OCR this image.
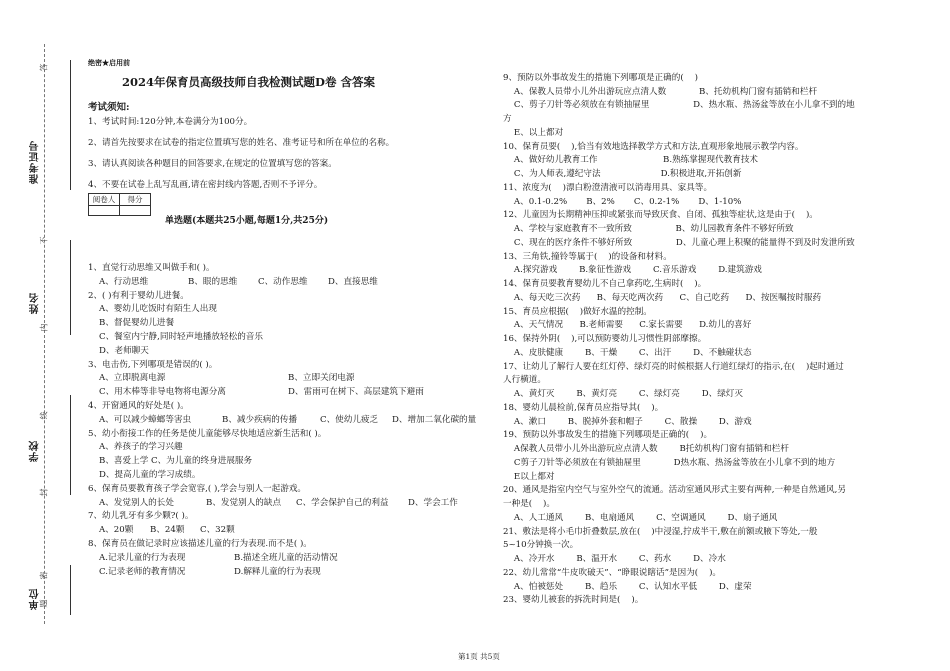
单位
学校
姓名
准考证号
密
封
线
内
不
答
题
绝密★启用前
2024年保育员高级技师自我检测试题D卷 含答案
考试须知:
1、考试时间:120分钟,本卷满分为100分。
2、请首先按要求在试卷的指定位置填写您的姓名、准考证号和所在单位的名称。
3、请认真阅读各种题目的回答要求,在规定的位置填写您的答案。
4、不要在试卷上乱写乱画,请在密封线内答题,否则不予评分。
阅卷人	得分

单选题(本题共25小题,每题1分,共25分)
1、直觉行动思维又叫做手和( )。
A、行动思维	B、眼的思维 C、动作思维 D、直接思维
2、( )有利于婴幼儿进餐。
A、婴幼儿吃饭时有陌生人出现
B、督促婴幼儿进餐
C、餐室内宁静,同时轻声地播放轻松的音乐
D、老师聊天
3、电击伤,下列哪项是错误的( )。
A、立即脱离电源	B、立即关闭电源
C、用木棒等非导电物将电源分离	D、雷雨可在树下、高层建筑下避雨
4、开窗通风的好处是( )。
A、可以减少蟑螂等害虫	B、减少疾病的传播	C、使幼儿疲乏 D、增加二氧化碳的量
5、幼小衔接工作的任务是使儿童能够尽快地适应新生活和( )。
A、养孩子的学习兴趣
B、喜爱上学 C、为儿童的终身进展服务
D、提高儿童的学习成绩。
6、保育员要教育孩子学会宽容,( ),学会与别人一起游戏。
A、发觉别人的长处	B、发觉别人的缺点 C、学会保护自己的利益 D、学会工作
7、幼儿乳牙有多少颗?( )。
A、20颗 B、24颗 C、32颗
8、保育员在做记录时应该描述儿童的行为表现.而不是( )。
A.记录儿童的行为表现	B.描述全班儿童的活动情况
C.记录老师的教育情况	D.解释儿童的行为表现

9、预防以外事故发生的措施下列哪项是正确的(    )
A、保教人员带小儿外出游玩应点清人数            B、托幼机构门窗有插销和栏杆
C、剪子刀针等必须放在有锁抽屉里                D、热水瓶、热汤盆等放在小儿拿不到的地
方
E、以上都对
10、保育员要(    ),恰当有效地选择教学方式和方法,直观形象地展示教学内容。
A、做好幼儿教育工作                        B.熟练掌握现代教育技术
C、为人师表,遵纪守法                      D.积极进取,开拓创新
11、浓度为(    )漂白粉澄清液可以消毒用具、家具等。
A、0.1-0.2%       B、2%       C、0.2-1%       D、1-10%
12、儿童因为长期精神压抑或紧张而导致厌食、自闭、孤独等症状,这是由于(    )。
A、学校与家庭教育不一致所致                B、幼儿园教育条件不够好所致
C、现在的医疗条件不够好所致                D、儿童心理上积聚的能量得不到及时发泄所致
13、三角铁,撞铃等属于(    )的设备和材料。
A.探究游戏        B.象征性游戏        C.音乐游戏        D.建筑游戏
14、保育员要教育婴幼儿不自己拿药吃,生病时(    )。
A、每天吃三次药      B、每天吃两次药      C、自己吃药      D、按医嘱按时服药
15、育员应根据(    )做好水温的控制。
A、天气情况      B.老师需要      C.家长需要      D.幼儿的喜好
16、保持外阴(    ),可以预防婴幼儿习惯性阴部摩擦。
A、皮肤健康        B、干燥        C、出汗        D、不触碰状态
17、让幼儿了解行人要在红灯停、绿灯亮的时候根据人行道红绿灯的指示,在(    )起时通过
人行横道。
A、黄灯灭        B、黄灯亮        C、绿灯亮        D、绿灯灭
18、婴幼儿晨检前,保育员应指导其(    )。
A、漱口        B、脱掉外套和帽子        C、散操        D、游戏
19、预防以外事故发生的措施下列哪项是正确的(    )。
A保教人员带小儿外出游玩应点清人数        B托幼机构门窗有插销和栏杆
C剪子刀针等必须放在有锁抽屉里            D热水瓶、热汤盆等放在小儿拿不到的地方
E以上都对
20、通风是指室内空气与室外空气的流通。活动室通风形式主要有两种,一种是自然通风,另
一种是(    )。
A、人工通风        B、电扇通风        C、空调通风        D、扇子通风
21、敷法是将小毛巾折叠数层,放在(    )中浸湿,拧成半干,敷在前额或腋下等处,一般
5~10分钟换一次。
A、冷开水        B、温开水        C、药水        D、冷水
22、幼儿常常“牛皮吹破天”、“睁眼说瞎话”是因为(    )。
A、怕被惩处        B、趋乐        C、认知水平低        D、虚荣
23、婴幼儿被套的拆洗时间是(    )。
第1页 共5页
